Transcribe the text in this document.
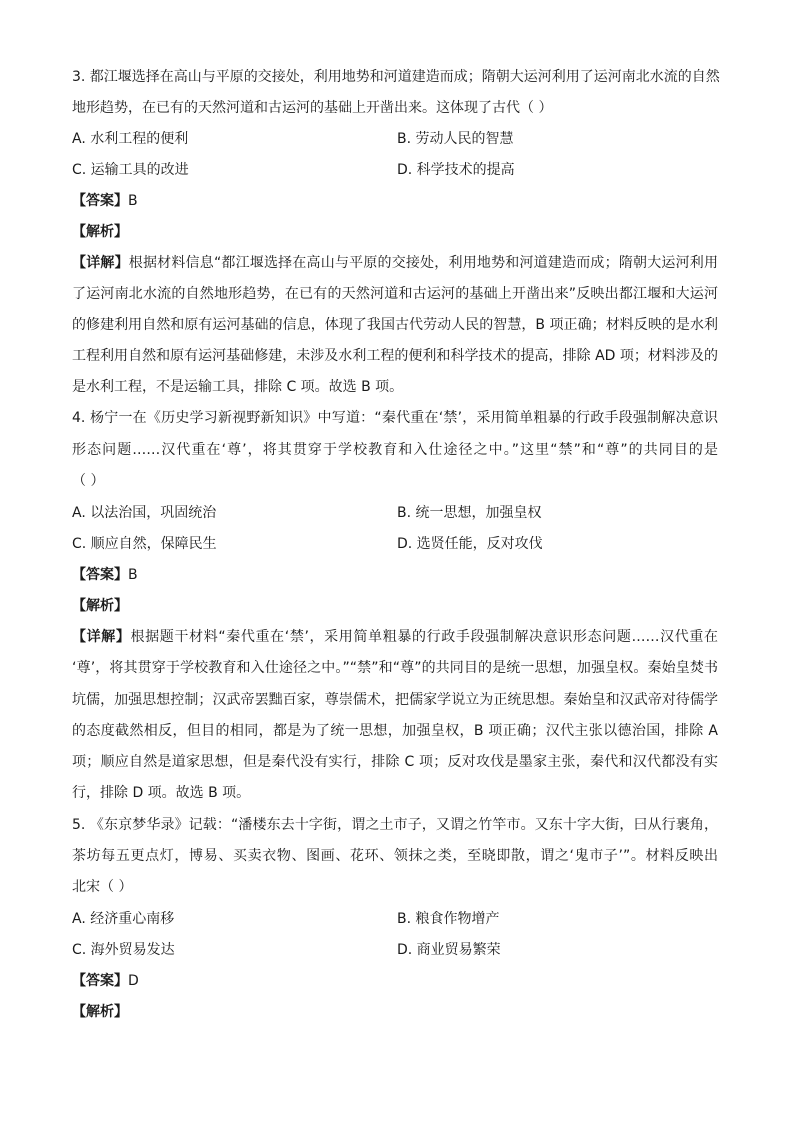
3. 都江堰选择在高山与平原的交接处，利用地势和河道建造而成；隋朝大运河利用了运河南北水流的自然
地形趋势，在已有的天然河道和古运河的基础上开凿出来。这体现了古代（ ）
A. 水利工程的便利	B. 劳动人民的智慧
C. 运输工具的改进	D. 科学技术的提高
【答案】B
【解析】
【详解】根据材料信息“都江堰选择在高山与平原的交接处，利用地势和河道建造而成；隋朝大运河利用
了运河南北水流的自然地形趋势，在已有的天然河道和古运河的基础上开凿出来”反映出都江堰和大运河
的修建利用自然和原有运河基础的信息，体现了我国古代劳动人民的智慧，B 项正确；材料反映的是水利
工程利用自然和原有运河基础修建，未涉及水利工程的便利和科学技术的提高，排除 AD 项；材料涉及的
是水利工程，不是运输工具，排除 C 项。故选 B 项。
4. 杨宁一在《历史学习新视野新知识》中写道：“秦代重在‘禁’，采用简单粗暴的行政手段强制解决意识
形态问题……汉代重在‘尊’，将其贯穿于学校教育和入仕途径之中。”这里“禁”和“尊”的共同目的是
（ ）
A. 以法治国，巩固统治	B. 统一思想，加强皇权
C. 顺应自然，保障民生	D. 选贤任能，反对攻伐
【答案】B
【解析】
【详解】根据题干材料“秦代重在‘禁’，采用简单粗暴的行政手段强制解决意识形态问题……汉代重在
‘尊’，将其贯穿于学校教育和入仕途径之中。”“禁”和“尊”的共同目的是统一思想，加强皇权。秦始皇焚书
坑儒，加强思想控制；汉武帝罢黜百家，尊崇儒术，把儒家学说立为正统思想。秦始皇和汉武帝对待儒学
的态度截然相反，但目的相同，都是为了统一思想，加强皇权，B 项正确；汉代主张以德治国，排除 A
项；顺应自然是道家思想，但是秦代没有实行，排除 C 项；反对攻伐是墨家主张，秦代和汉代都没有实
行，排除 D 项。故选 B 项。
5. 《东京梦华录》记载：“潘楼东去十字街，谓之土市子，又谓之竹竿市。又东十字大街，曰从行裹角，
茶坊每五更点灯，博易、买卖衣物、图画、花环、领抹之类，至晓即散，谓之‘鬼市子’”。材料反映出
北宋（ ）
A. 经济重心南移	B. 粮食作物增产
C. 海外贸易发达	D. 商业贸易繁荣
【答案】D
【解析】
